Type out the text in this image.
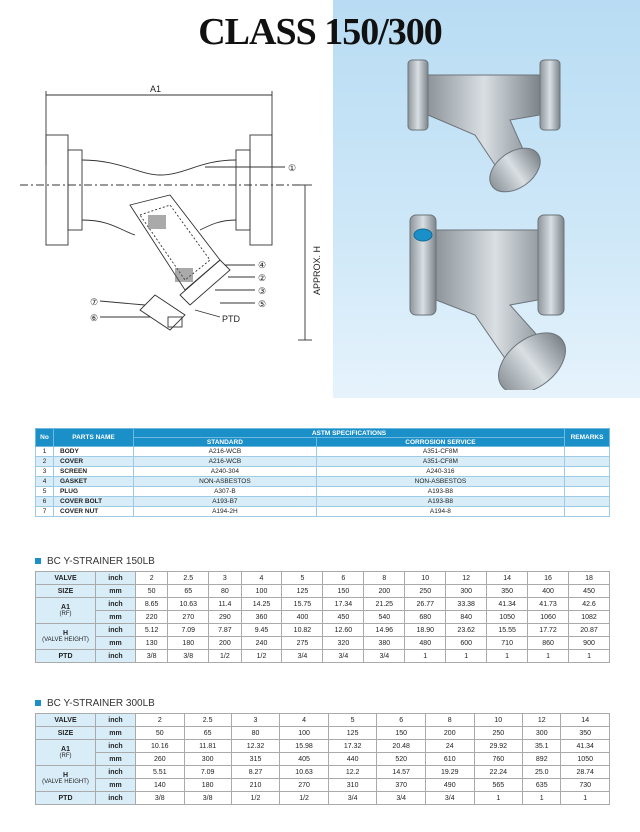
CLASS 150/300
A1
APPROX. H
①
②
③
④
⑤
⑥
⑦
PTD
No	PARTS NAME	ASTM SPECIFICATIONS		REMARKS
		STANDARD	CORROSION SERVICE	
1	BODY	A216-WCB	A351-CF8M	
2	COVER	A216-WCB	A351-CF8M	
3	SCREEN	A240-304	A240-316	
4	GASKET	NON-ASBESTOS	NON-ASBESTOS	
5	PLUG	A307-B	A193-B8	
6	COVER BOLT	A193-B7	A193-B8	
7	COVER NUT	A194-2H	A194-8	
BC Y-STRAINER 150LB
VALVE	inch	2	2.5	3	4	5	6	8	10	12	14	16	18
SIZE	mm	50	65	80	100	125	150	200	250	300	350	400	450
A1
(RF)	inch	8.65	10.63	11.4	14.25	15.75	17.34	21.25	26.77	33.38	41.34	41.73	42.6
	mm	220	270	290	360	400	450	540	680	840	1050	1060	1082
H
(VALVE HEIGHT)	inch	5.12	7.09	7.87	9.45	10.82	12.60	14.96	18.90	23.62	15.55	17.72	20.87
	mm	130	180	200	240	275	320	380	480	600	710	860	900
PTD	inch	3/8	3/8	1/2	1/2	3/4	3/4	3/4	1	1	1	1	1
BC Y-STRAINER 300LB
VALVE	inch	2	2.5	3	4	5	6	8	10	12	14
SIZE	mm	50	65	80	100	125	150	200	250	300	350
A1
(RF)	inch	10.16	11.81	12.32	15.98	17.32	20.48	24	29.92	35.1	41.34
	mm	260	300	315	405	440	520	610	760	892	1050
H
(VALVE HEIGHT)	inch	5.51	7.09	8.27	10.63	12.2	14.57	19.29	22.24	25.0	28.74
	mm	140	180	210	270	310	370	490	565	635	730
PTD	inch	3/8	3/8	1/2	1/2	3/4	3/4	3/4	1	1	1
